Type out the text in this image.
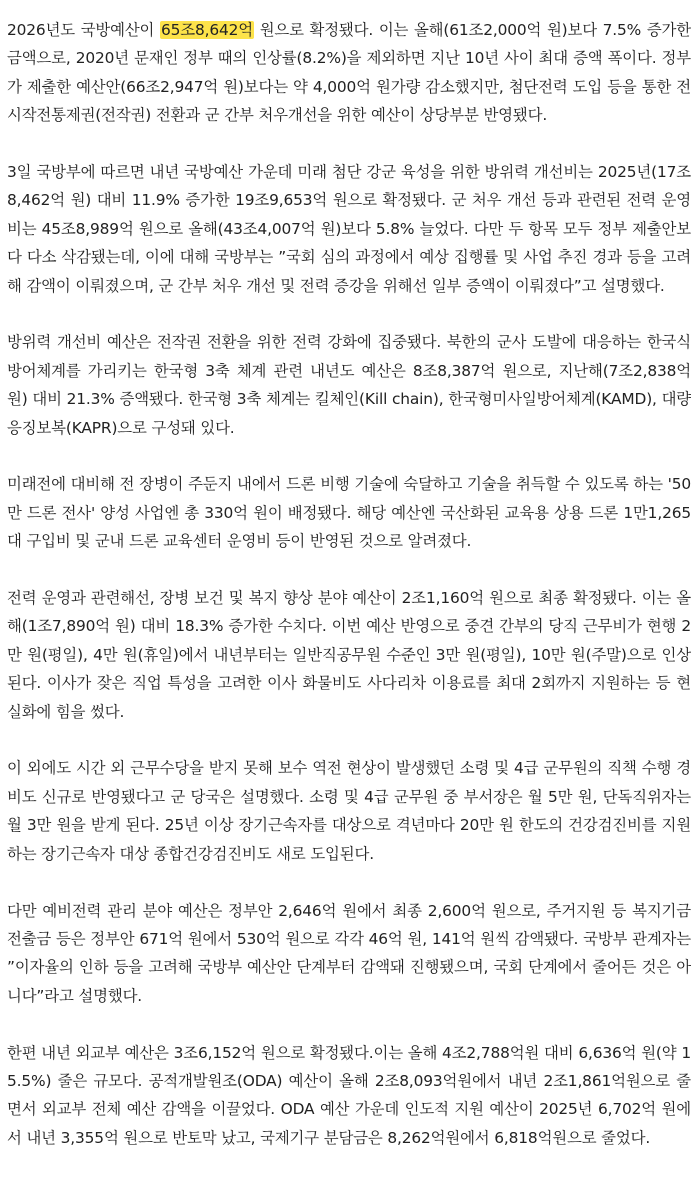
2026년도 국방예산이 65조8,642억 원으로 확정됐다. 이는 올해(61조2,000억 원)보다 7.5% 증가한 금액으로, 2020년 문재인 정부 때의 인상률(8.2%)을 제외하면 지난 10년 사이 최대 증액 폭이다. 정부가 제출한 예산안(66조2,947억 원)보다는 약 4,000억 원가량 감소했지만, 첨단전력 도입 등을 통한 전시작전통제권(전작권) 전환과 군 간부 처우개선을 위한 예산이 상당부분 반영됐다.

3일 국방부에 따르면 내년 국방예산 가운데 미래 첨단 강군 육성을 위한 방위력 개선비는 2025년(17조8,462억 원) 대비 11.9% 증가한 19조9,653억 원으로 확정됐다. 군 처우 개선 등과 관련된 전력 운영비는 45조8,989억 원으로 올해(43조4,007억 원)보다 5.8% 늘었다. 다만 두 항목 모두 정부 제출안보다 다소 삭감됐는데, 이에 대해 국방부는 ”국회 심의 과정에서 예상 집행률 및 사업 추진 경과 등을 고려해 감액이 이뤄졌으며, 군 간부 처우 개선 및 전력 증강을 위해선 일부 증액이 이뤄졌다”고 설명했다.

방위력 개선비 예산은 전작권 전환을 위한 전력 강화에 집중됐다. 북한의 군사 도발에 대응하는 한국식 방어체계를 가리키는 한국형 3축 체계 관련 내년도 예산은 8조8,387억 원으로, 지난해(7조2,838억 원) 대비 21.3% 증액됐다. 한국형 3축 체계는 킬체인(Kill chain), 한국형미사일방어체계(KAMD), 대량응징보복(KAPR)으로 구성돼 있다.

미래전에 대비해 전 장병이 주둔지 내에서 드론 비행 기술에 숙달하고 기술을 취득할 수 있도록 하는 '50만 드론 전사' 양성 사업엔 총 330억 원이 배정됐다. 해당 예산엔 국산화된 교육용 상용 드론 1만1,265대 구입비 및 군내 드론 교육센터 운영비 등이 반영된 것으로 알려졌다.

전력 운영과 관련해선, 장병 보건 및 복지 향상 분야 예산이 2조1,160억 원으로 최종 확정됐다. 이는 올해(1조7,890억 원) 대비 18.3% 증가한 수치다. 이번 예산 반영으로 중견 간부의 당직 근무비가 현행 2만 원(평일), 4만 원(휴일)에서 내년부터는 일반직공무원 수준인 3만 원(평일), 10만 원(주말)으로 인상된다. 이사가 잦은 직업 특성을 고려한 이사 화물비도 사다리차 이용료를 최대 2회까지 지원하는 등 현실화에 힘을 썼다.

이 외에도 시간 외 근무수당을 받지 못해 보수 역전 현상이 발생했던 소령 및 4급 군무원의 직책 수행 경비도 신규로 반영됐다고 군 당국은 설명했다. 소령 및 4급 군무원 중 부서장은 월 5만 원, 단독직위자는 월 3만 원을 받게 된다. 25년 이상 장기근속자를 대상으로 격년마다 20만 원 한도의 건강검진비를 지원하는 장기근속자 대상 종합건강검진비도 새로 도입된다.

다만 예비전력 관리 분야 예산은 정부안 2,646억 원에서 최종 2,600억 원으로, 주거지원 등 복지기금 전출금 등은 정부안 671억 원에서 530억 원으로 각각 46억 원, 141억 원씩 감액됐다. 국방부 관계자는 ”이자율의 인하 등을 고려해 국방부 예산안 단계부터 감액돼 진행됐으며, 국회 단계에서 줄어든 것은 아니다”라고 설명했다.

한편 내년 외교부 예산은 3조6,152억 원으로 확정됐다.이는 올해 4조2,788억원 대비 6,636억 원(약 15.5%) 줄은 규모다. 공적개발원조(ODA) 예산이 올해 2조8,093억원에서 내년 2조1,861억원으로 줄면서 외교부 전체 예산 감액을 이끌었다. ODA 예산 가운데 인도적 지원 예산이 2025년 6,702억 원에서 내년 3,355억 원으로 반토막 났고, 국제기구 분담금은 8,262억원에서 6,818억원으로 줄었다.
